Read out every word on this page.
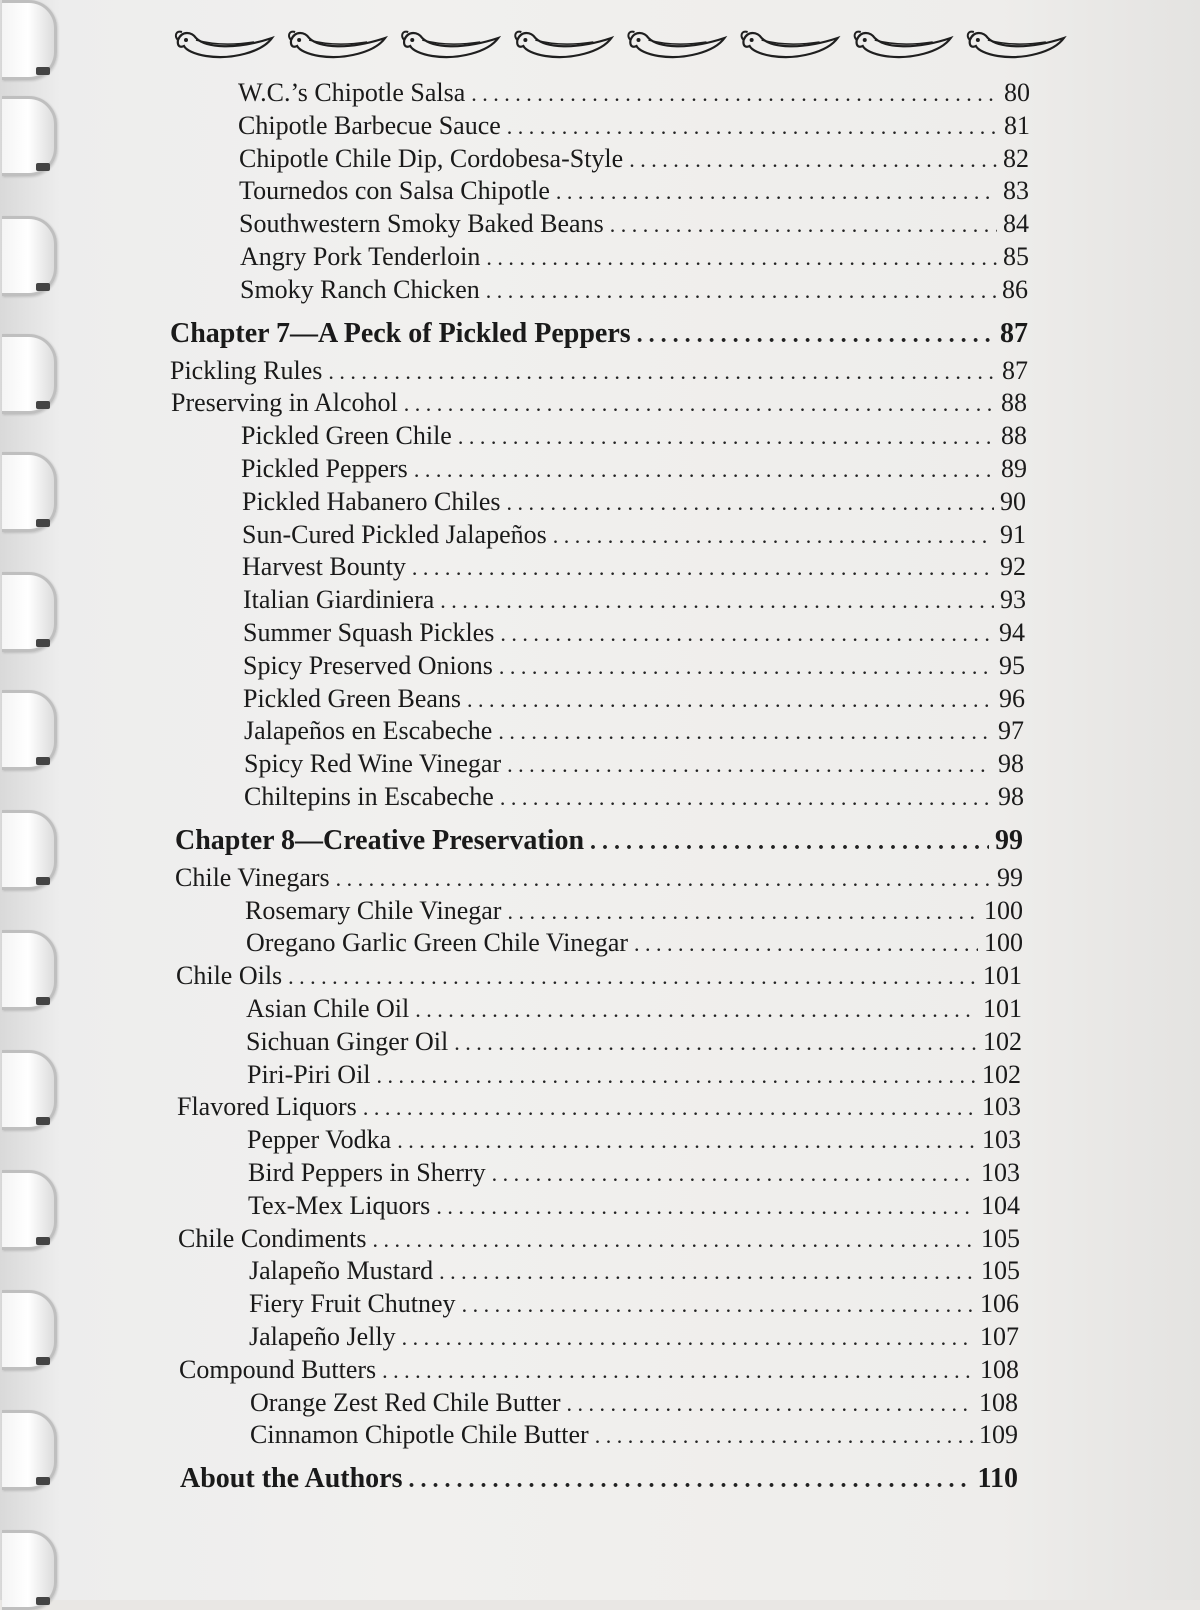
W.C.’s Chipotle Salsa . . .	80
Chipotle Barbecue Sauce . . .	81
Chipotle Chile Dip, Cordobesa-Style . . .	82
Tournedos con Salsa Chipotle . . .	83
Southwestern Smoky Baked Beans . . .	84
Angry Pork Tenderloin . . .	85
Smoky Ranch Chicken . . .	86
Chapter 7—A Peck of Pickled Peppers . . .	87
Pickling Rules . . .	87
Preserving in Alcohol . . .	88
Pickled Green Chile . . .	88
Pickled Peppers . . .	89
Pickled Habanero Chiles . . .	90
Sun-Cured Pickled Jalapeños . . .	91
Harvest Bounty . . .	92
Italian Giardiniera . . .	93
Summer Squash Pickles . . .	94
Spicy Preserved Onions . . .	95
Pickled Green Beans . . .	96
Jalapeños en Escabeche . . .	97
Spicy Red Wine Vinegar . . .	98
Chiltepins in Escabeche . . .	98
Chapter 8—Creative Preservation . . .	99
Chile Vinegars . . .	99
Rosemary Chile Vinegar . . .	100
Oregano Garlic Green Chile Vinegar . . .	100
Chile Oils . . .	101
Asian Chile Oil . . .	101
Sichuan Ginger Oil . . .	102
Piri-Piri Oil . . .	102
Flavored Liquors . . .	103
Pepper Vodka . . .	103
Bird Peppers in Sherry . . .	103
Tex-Mex Liquors . . .	104
Chile Condiments . . .	105
Jalapeño Mustard . . .	105
Fiery Fruit Chutney . . .	106
Jalapeño Jelly . . .	107
Compound Butters . . .	108
Orange Zest Red Chile Butter . . .	108
Cinnamon Chipotle Chile Butter . . .	109
About the Authors . . .	110
